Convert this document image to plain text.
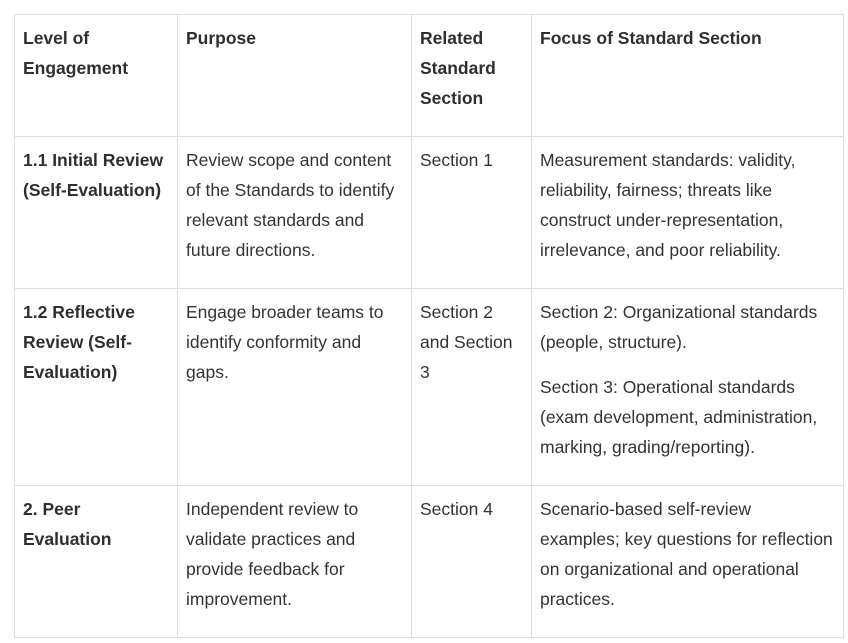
Level of Engagement	Purpose	Related Standard Section	Focus of Standard Section
1.1 Initial Review (Self-Evaluation)	Review scope and content of the Standards to identify relevant standards and future directions.	Section 1	Measurement standards: validity, reliability, fairness; threats like construct under-representation, irrelevance, and poor reliability.

1.2 Reflective Review (Self-Evaluation)	Engage broader teams to identify conformity and gaps.	Section 2 and Section 3	Section 2: Organizational standards (people, structure).
Section 3: Operational standards (exam development, administration, marking, grading/reporting).

2. Peer Evaluation	Independent review to validate practices and provide feedback for improvement.	Section 4	Scenario-based self-review examples; key questions for reflection on organizational and operational practices.
